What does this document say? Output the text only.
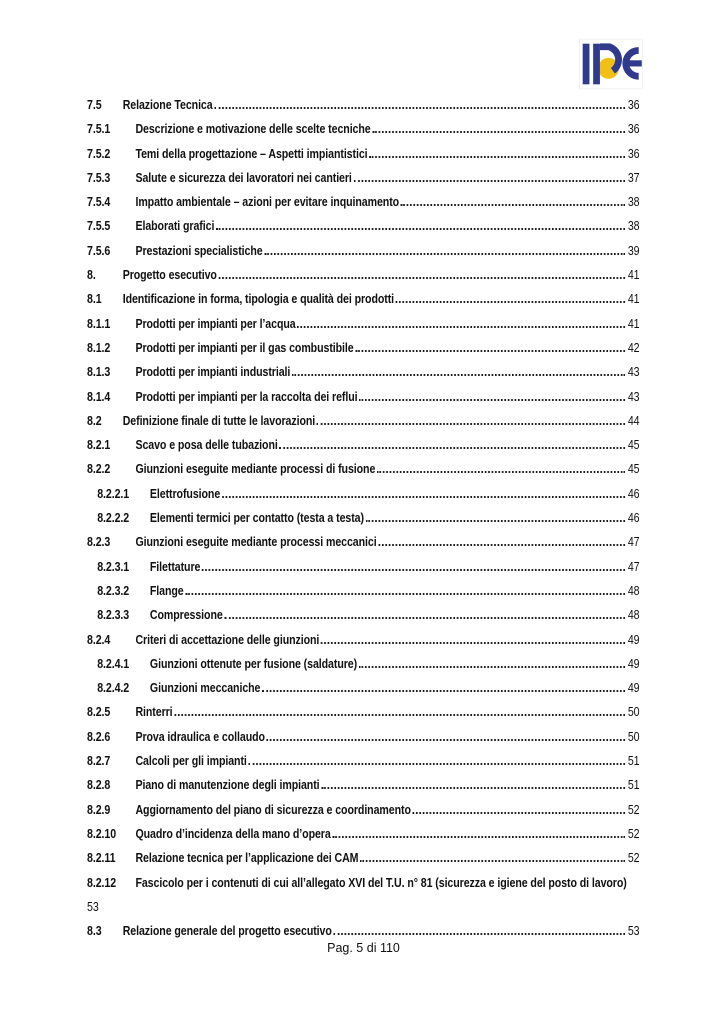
7.5	Relazione Tecnica	36
7.5.1	Descrizione e motivazione delle scelte tecniche	36
7.5.2	Temi della progettazione – Aspetti impiantistici	36
7.5.3	Salute e sicurezza dei lavoratori nei cantieri	37
7.5.4	Impatto ambientale – azioni per evitare inquinamento	38
7.5.5	Elaborati grafici	38
7.5.6	Prestazioni specialistiche	39
8.	Progetto esecutivo	41
8.1	Identificazione in forma, tipologia e qualità dei prodotti	41
8.1.1	Prodotti per impianti per l’acqua	41
8.1.2	Prodotti per impianti per il gas combustibile	42
8.1.3	Prodotti per impianti industriali	43
8.1.4	Prodotti per impianti per la raccolta dei reflui	43
8.2	Definizione finale di tutte le lavorazioni	44
8.2.1	Scavo e posa delle tubazioni	45
8.2.2	Giunzioni eseguite mediante processi di fusione	45
8.2.2.1	Elettrofusione	46
8.2.2.2	Elementi termici per contatto (testa a testa)	46
8.2.3	Giunzioni eseguite mediante processi meccanici	47
8.2.3.1	Filettature	47
8.2.3.2	Flange	48
8.2.3.3	Compressione	48
8.2.4	Criteri di accettazione delle giunzioni	49
8.2.4.1	Giunzioni ottenute per fusione (saldature)	49
8.2.4.2	Giunzioni meccaniche	49
8.2.5	Rinterri	50
8.2.6	Prova idraulica e collaudo	50
8.2.7	Calcoli per gli impianti	51
8.2.8	Piano di manutenzione degli impianti	51
8.2.9	Aggiornamento del piano di sicurezza e coordinamento	52
8.2.10	Quadro d’incidenza della mano d’opera	52
8.2.11	Relazione tecnica per l’applicazione dei CAM	52
8.2.12 Fascicolo per i contenuti di cui all’allegato XVI del T.U. n° 81 (sicurezza e igiene del posto di lavoro) 53
8.3	Relazione generale del progetto esecutivo	53
Pag. 5 di 110
